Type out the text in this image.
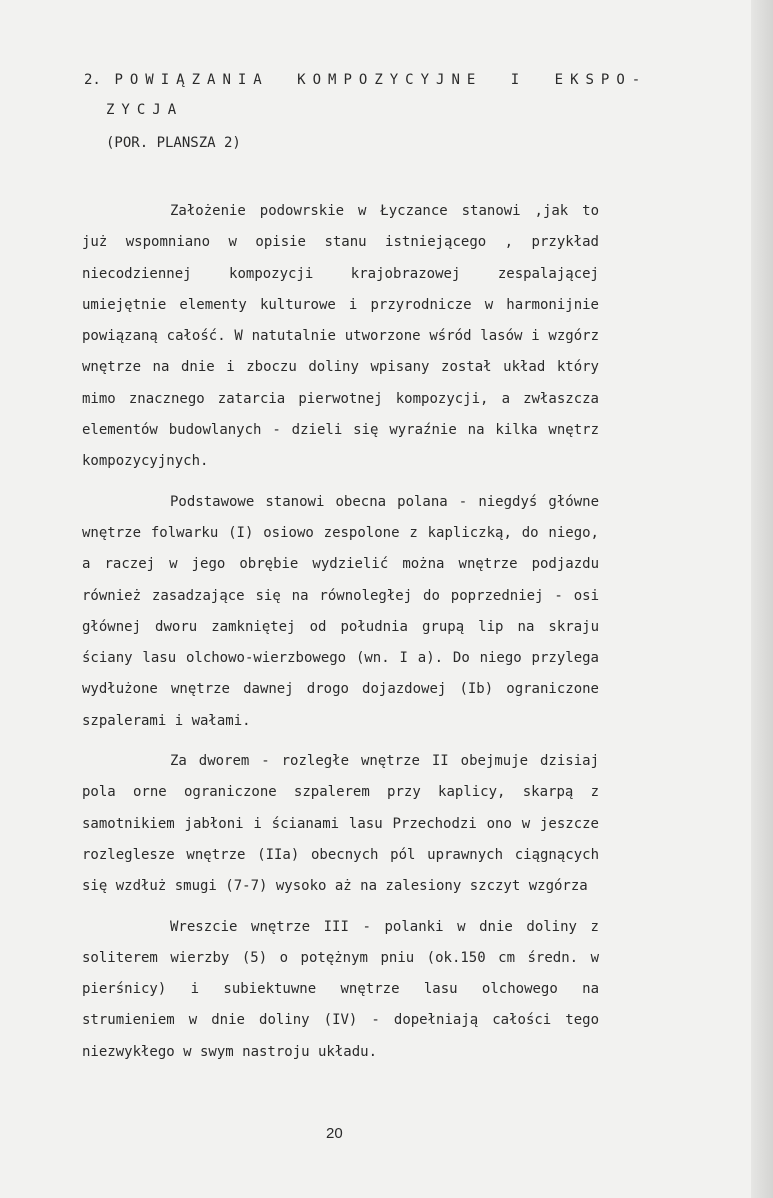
2. POWIĄZANIA KOMPOZYCYJNE I EKSPO-
ZYCJA
(POR. PLANSZA 2)

Założenie podowrskie w Łyczance stanowi ,jak to już wspomniano w opisie stanu istniejącego , przykład niecodziennej kompozycji krajobrazowej zespalającej umiejętnie elementy kulturowe i przyrodnicze w harmonijnie powiązaną całość. W natutalnie utworzone wśród lasów i wzgórz wnętrze na dnie i zboczu doliny wpisany został układ który mimo znacznego zatarcia pierwotnej kompozycji, a zwłaszcza elementów budowlanych - dzieli się wyraźnie na kilka wnętrz kompozycyjnych.

Podstawowe stanowi obecna polana - niegdyś główne wnętrze folwarku (I) osiowo zespolone z kapliczką, do niego, a raczej w jego obrębie wydzielić można wnętrze podjazdu również zasadzające się na równoległej do poprzedniej - osi głównej dworu zamkniętej od południa grupą lip na skraju ściany lasu olchowo-wierzbowego (wn. I a). Do niego przylega wydłużone wnętrze dawnej drogo dojazdowej (Ib) ograniczone szpalerami i wałami.

Za dworem - rozległe wnętrze II obejmuje dzisiaj pola orne ograniczone szpalerem przy kaplicy, skarpą z samotnikiem jabłoni i ścianami lasu Przechodzi ono w jeszcze rozleglesze wnętrze (IIa) obecnych pól uprawnych ciągnących się wzdłuż smugi (7-7) wysoko aż na zalesiony szczyt wzgórza

Wreszcie wnętrze III - polanki w dnie doliny z soliterem wierzby (5) o potężnym pniu (ok.150 cm średn. w pierśnicy) i subiektuwne wnętrze lasu olchowego na strumieniem w dnie doliny (IV) - dopełniają całości tego niezwykłego w swym nastroju układu.

20
